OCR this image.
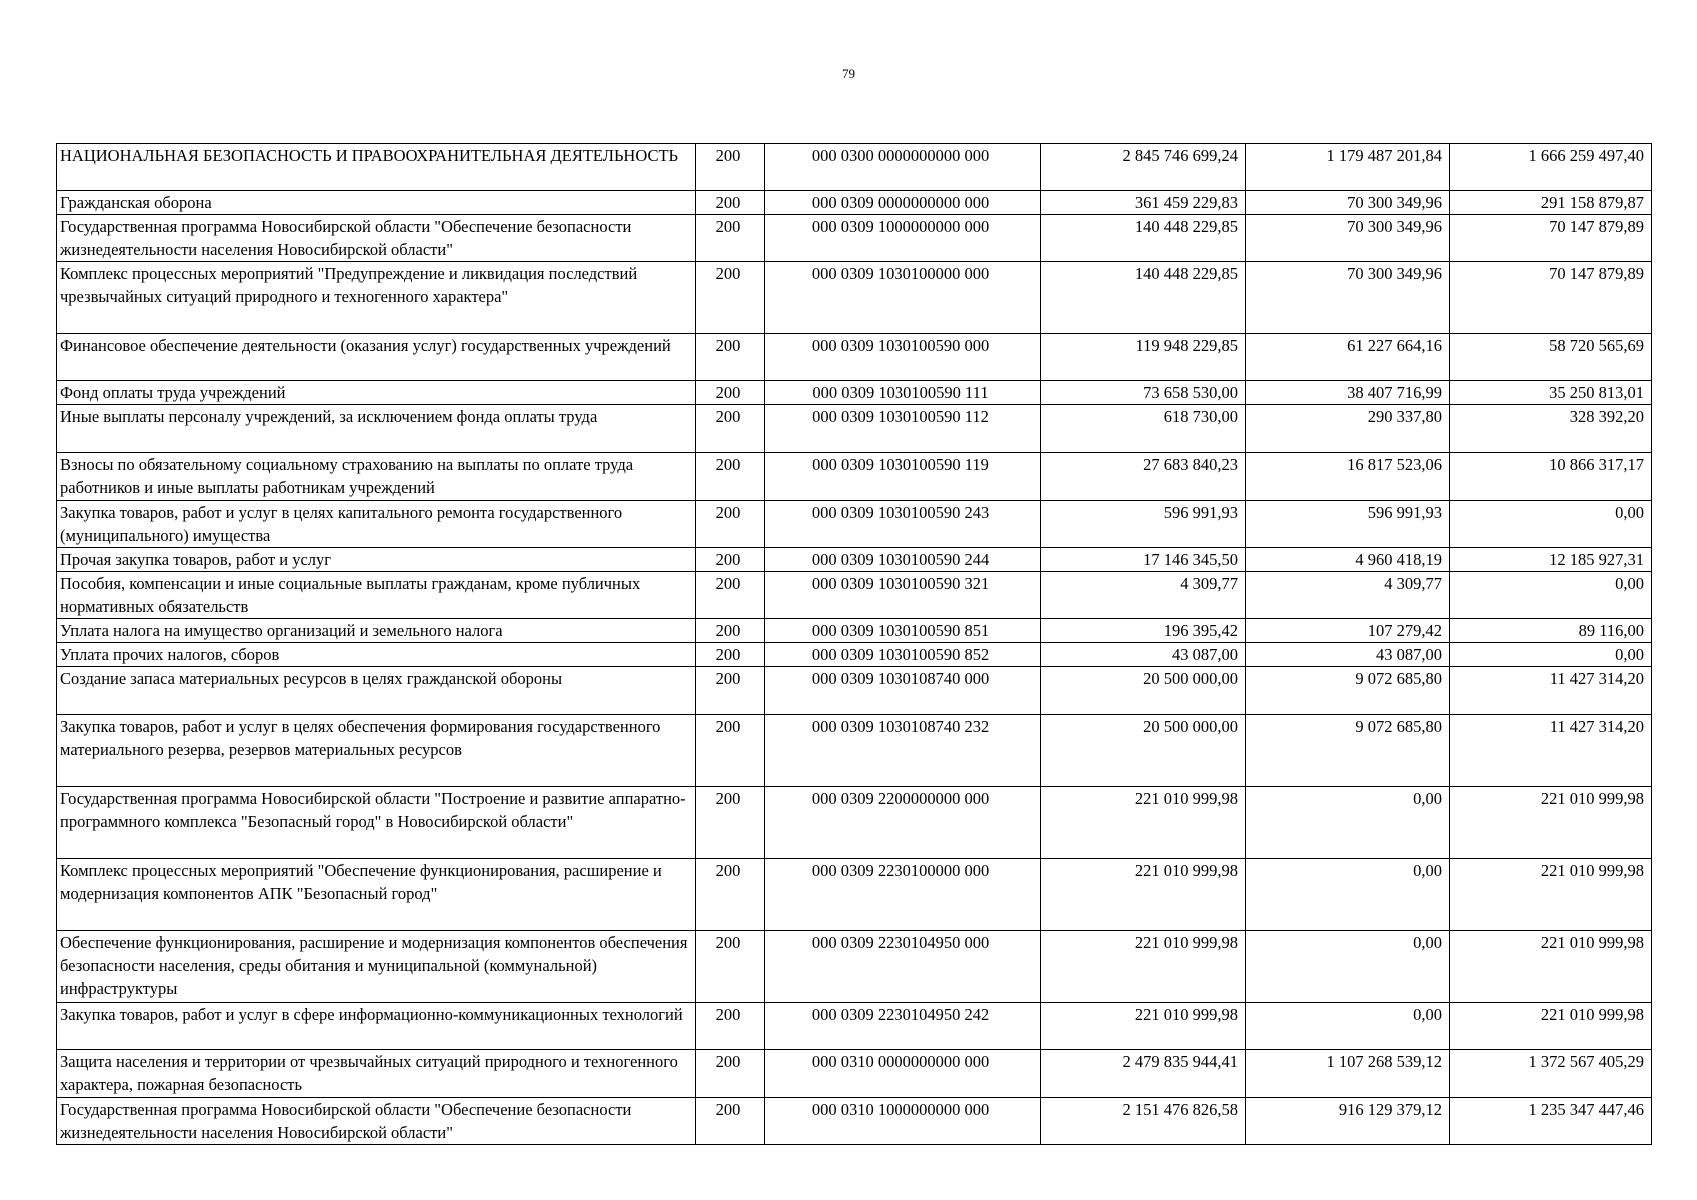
79
НАЦИОНАЛЬНАЯ БЕЗОПАСНОСТЬ И ПРАВООХРАНИТЕЛЬНАЯ ДЕЯТЕЛЬНОСТЬ	200	000 0300 0000000000 000	2 845 746 699,24	1 179 487 201,84	1 666 259 497,40
Гражданская оборона	200	000 0309 0000000000 000	361 459 229,83	70 300 349,96	291 158 879,87
Государственная программа Новосибирской области "Обеспечение безопасности жизнедеятельности населения Новосибирской области"	200	000 0309 1000000000 000	140 448 229,85	70 300 349,96	70 147 879,89
Комплекс процессных мероприятий "Предупреждение и ликвидация последствий чрезвычайных ситуаций природного и техногенного характера"	200	000 0309 1030100000 000	140 448 229,85	70 300 349,96	70 147 879,89
Финансовое обеспечение деятельности (оказания услуг) государственных учреждений	200	000 0309 1030100590 000	119 948 229,85	61 227 664,16	58 720 565,69
Фонд оплаты труда учреждений	200	000 0309 1030100590 111	73 658 530,00	38 407 716,99	35 250 813,01
Иные выплаты персоналу учреждений, за исключением фонда оплаты труда	200	000 0309 1030100590 112	618 730,00	290 337,80	328 392,20
Взносы по обязательному социальному страхованию на выплаты по оплате труда работников и иные выплаты работникам учреждений	200	000 0309 1030100590 119	27 683 840,23	16 817 523,06	10 866 317,17
Закупка товаров, работ и услуг в целях капитального ремонта государственного (муниципального) имущества	200	000 0309 1030100590 243	596 991,93	596 991,93	0,00
Прочая закупка товаров, работ и услуг	200	000 0309 1030100590 244	17 146 345,50	4 960 418,19	12 185 927,31
Пособия, компенсации и иные социальные выплаты гражданам, кроме публичных нормативных обязательств	200	000 0309 1030100590 321	4 309,77	4 309,77	0,00
Уплата налога на имущество организаций и земельного налога	200	000 0309 1030100590 851	196 395,42	107 279,42	89 116,00
Уплата прочих налогов, сборов	200	000 0309 1030100590 852	43 087,00	43 087,00	0,00
Создание запаса материальных ресурсов в целях гражданской обороны	200	000 0309 1030108740 000	20 500 000,00	9 072 685,80	11 427 314,20
Закупка товаров, работ и услуг в целях обеспечения формирования государственного материального резерва, резервов материальных ресурсов	200	000 0309 1030108740 232	20 500 000,00	9 072 685,80	11 427 314,20
Государственная программа Новосибирской области "Построение и развитие аппаратно-программного комплекса "Безопасный город" в Новосибирской области"	200	000 0309 2200000000 000	221 010 999,98	0,00	221 010 999,98
Комплекс процессных мероприятий "Обеспечение функционирования, расширение и модернизация компонентов АПК "Безопасный город"	200	000 0309 2230100000 000	221 010 999,98	0,00	221 010 999,98
Обеспечение функционирования, расширение и модернизация компонентов обеспечения безопасности населения, среды обитания и муниципальной (коммунальной) инфраструктуры	200	000 0309 2230104950 000	221 010 999,98	0,00	221 010 999,98
Закупка товаров, работ и услуг в сфере информационно-коммуникационных технологий	200	000 0309 2230104950 242	221 010 999,98	0,00	221 010 999,98
Защита населения и территории от чрезвычайных ситуаций природного и техногенного характера, пожарная безопасность	200	000 0310 0000000000 000	2 479 835 944,41	1 107 268 539,12	1 372 567 405,29
Государственная программа Новосибирской области "Обеспечение безопасности жизнедеятельности населения Новосибирской области"	200	000 0310 1000000000 000	2 151 476 826,58	916 129 379,12	1 235 347 447,46
